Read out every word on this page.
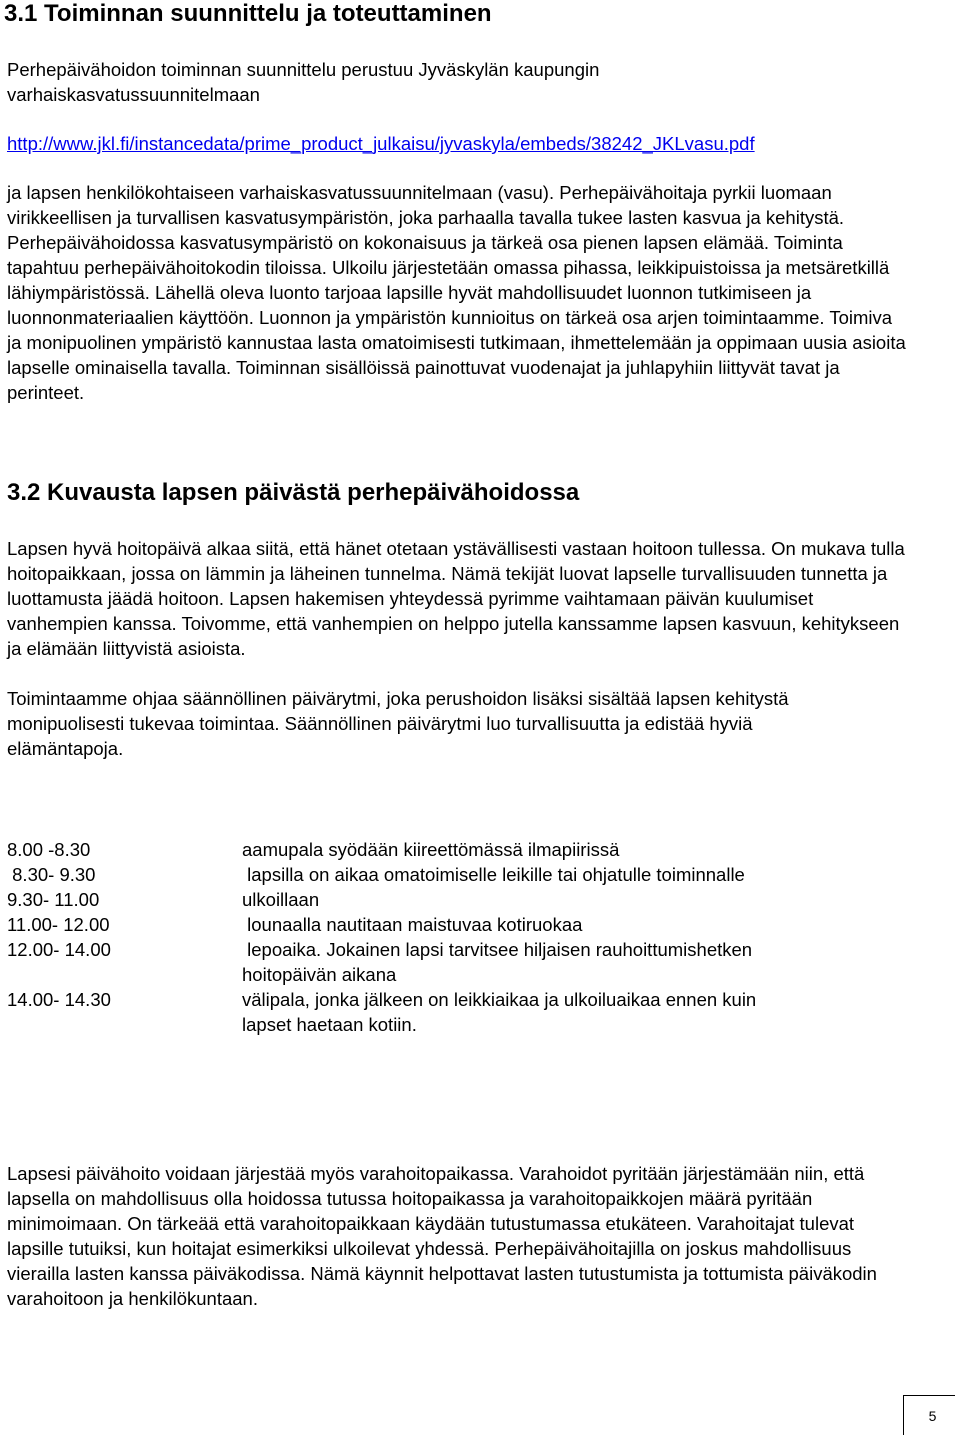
3.1 Toiminnan suunnittelu ja toteuttaminen

Perhepäivähoidon toiminnan suunnittelu perustuu Jyväskylän kaupungin varhaiskasvatussuunnitelmaan

http://www.jkl.fi/instancedata/prime_product_julkaisu/jyvaskyla/embeds/38242_JKLvasu.pdf

ja lapsen henkilökohtaiseen varhaiskasvatussuunnitelmaan (vasu). Perhepäivähoitaja pyrkii luomaan virikkeellisen ja turvallisen kasvatusympäristön, joka parhaalla tavalla tukee lasten kasvua ja kehitystä. Perhepäivähoidossa kasvatusympäristö on kokonaisuus ja tärkeä osa pienen lapsen elämää. Toiminta tapahtuu perhepäivähoitokodin tiloissa. Ulkoilu järjestetään omassa pihassa, leikkipuistoissa ja metsäretkillä lähiympäristössä. Lähellä oleva luonto tarjoaa lapsille hyvät mahdollisuudet luonnon tutkimiseen ja luonnonmateriaalien käyttöön. Luonnon ja ympäristön kunnioitus on tärkeä osa arjen toimintaamme. Toimiva ja monipuolinen ympäristö kannustaa lasta omatoimisesti tutkimaan, ihmettelemään ja oppimaan uusia asioita lapselle ominaisella tavalla. Toiminnan sisällöissä painottuvat vuodenajat ja juhlapyhiin liittyvät tavat ja perinteet.

3.2 Kuvausta lapsen päivästä perhepäivähoidossa

Lapsen hyvä hoitopäivä alkaa siitä, että hänet otetaan ystävällisesti vastaan hoitoon tullessa. On mukava tulla hoitopaikkaan, jossa on lämmin ja läheinen tunnelma. Nämä tekijät luovat lapselle turvallisuuden tunnetta ja luottamusta jäädä hoitoon. Lapsen hakemisen yhteydessä pyrimme vaihtamaan päivän kuulumiset vanhempien kanssa. Toivomme, että vanhempien on helppo jutella kanssamme lapsen kasvuun, kehitykseen ja elämään liittyvistä asioista.

Toimintaamme ohjaa säännöllinen päivärytmi, joka perushoidon lisäksi sisältää lapsen kehitystä monipuolisesti tukevaa toimintaa. Säännöllinen päivärytmi luo turvallisuutta ja edistää hyviä elämäntapoja.

8.00 -8.30	aamupala syödään kiireettömässä ilmapiirissä
8.30- 9.30	lapsilla on aikaa omatoimiselle leikille tai ohjatulle toiminnalle
9.30- 11.00	ulkoillaan
11.00- 12.00	lounaalla nautitaan maistuvaa kotiruokaa
12.00- 14.00	lepoaika. Jokainen lapsi tarvitsee hiljaisen rauhoittumishetken
hoitopäivän aikana
14.00- 14.30	välipala, jonka jälkeen on leikkiaikaa ja ulkoiluaikaa ennen kuin
lapset haetaan kotiin.

Lapsesi päivähoito voidaan järjestää myös varahoitopaikassa. Varahoidot pyritään järjestämään niin, että lapsella on mahdollisuus olla hoidossa tutussa hoitopaikassa ja varahoitopaikkojen määrä pyritään minimoimaan. On tärkeää että varahoitopaikkaan käydään tutustumassa etukäteen. Varahoitajat tulevat lapsille tutuiksi, kun hoitajat esimerkiksi ulkoilevat yhdessä. Perhepäivähoitajilla on joskus mahdollisuus vierailla lasten kanssa päiväkodissa. Nämä käynnit helpottavat lasten tutustumista ja tottumista päiväkodin varahoitoon ja henkilökuntaan.

5
